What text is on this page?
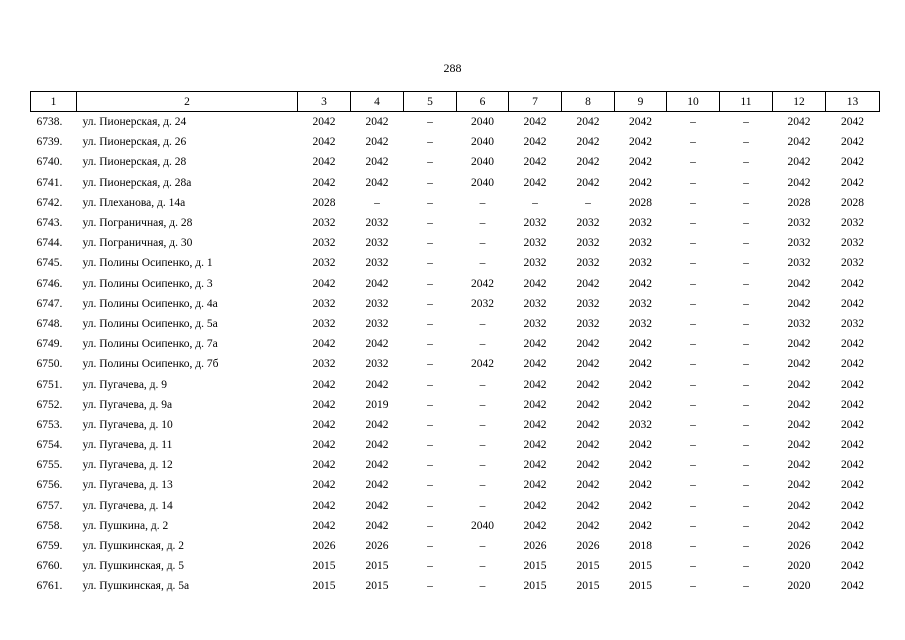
288
1	2	3	4	5	6	7	8	9	10	11	12	13
6738.	ул. Пионерская, д. 24	2042	2042	–	2040	2042	2042	2042	–	–	2042	2042
6739.	ул. Пионерская, д. 26	2042	2042	–	2040	2042	2042	2042	–	–	2042	2042
6740.	ул. Пионерская, д. 28	2042	2042	–	2040	2042	2042	2042	–	–	2042	2042
6741.	ул. Пионерская, д. 28а	2042	2042	–	2040	2042	2042	2042	–	–	2042	2042
6742.	ул. Плеханова, д. 14а	2028	–	–	–	–	–	2028	–	–	2028	2028
6743.	ул. Пограничная, д. 28	2032	2032	–	–	2032	2032	2032	–	–	2032	2032
6744.	ул. Пограничная, д. 30	2032	2032	–	–	2032	2032	2032	–	–	2032	2032
6745.	ул. Полины Осипенко, д. 1	2032	2032	–	–	2032	2032	2032	–	–	2032	2032
6746.	ул. Полины Осипенко, д. 3	2042	2042	–	2042	2042	2042	2042	–	–	2042	2042
6747.	ул. Полины Осипенко, д. 4а	2032	2032	–	2032	2032	2032	2032	–	–	2042	2042
6748.	ул. Полины Осипенко, д. 5а	2032	2032	–	–	2032	2032	2032	–	–	2032	2032
6749.	ул. Полины Осипенко, д. 7а	2042	2042	–	–	2042	2042	2042	–	–	2042	2042
6750.	ул. Полины Осипенко, д. 7б	2032	2032	–	2042	2042	2042	2042	–	–	2042	2042
6751.	ул. Пугачева, д. 9	2042	2042	–	–	2042	2042	2042	–	–	2042	2042
6752.	ул. Пугачева, д. 9а	2042	2019	–	–	2042	2042	2042	–	–	2042	2042
6753.	ул. Пугачева, д. 10	2042	2042	–	–	2042	2042	2032	–	–	2042	2042
6754.	ул. Пугачева, д. 11	2042	2042	–	–	2042	2042	2042	–	–	2042	2042
6755.	ул. Пугачева, д. 12	2042	2042	–	–	2042	2042	2042	–	–	2042	2042
6756.	ул. Пугачева, д. 13	2042	2042	–	–	2042	2042	2042	–	–	2042	2042
6757.	ул. Пугачева, д. 14	2042	2042	–	–	2042	2042	2042	–	–	2042	2042
6758.	ул. Пушкина, д. 2	2042	2042	–	2040	2042	2042	2042	–	–	2042	2042
6759.	ул. Пушкинская, д. 2	2026	2026	–	–	2026	2026	2018	–	–	2026	2042
6760.	ул. Пушкинская, д. 5	2015	2015	–	–	2015	2015	2015	–	–	2020	2042
6761.	ул. Пушкинская, д. 5а	2015	2015	–	–	2015	2015	2015	–	–	2020	2042
